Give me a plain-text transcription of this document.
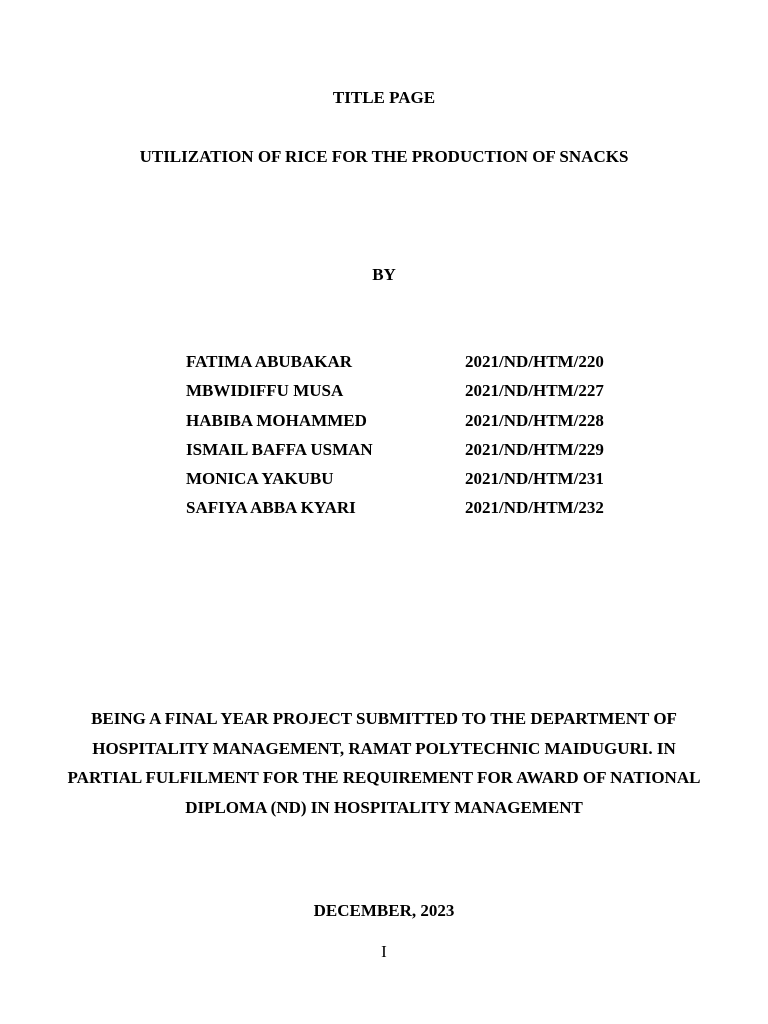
TITLE PAGE
UTILIZATION OF RICE FOR THE PRODUCTION OF SNACKS
BY
FATIMA ABUBAKAR	2021/ND/HTM/220
MBWIDIFFU MUSA	2021/ND/HTM/227
HABIBA MOHAMMED	2021/ND/HTM/228
ISMAIL BAFFA USMAN	2021/ND/HTM/229
MONICA YAKUBU	2021/ND/HTM/231
SAFIYA ABBA KYARI	2021/ND/HTM/232
BEING A FINAL YEAR PROJECT SUBMITTED TO THE DEPARTMENT OF HOSPITALITY MANAGEMENT, RAMAT POLYTECHNIC MAIDUGURI. IN PARTIAL FULFILMENT FOR THE REQUIREMENT FOR AWARD OF NATIONAL DIPLOMA (ND) IN HOSPITALITY MANAGEMENT
DECEMBER, 2023
I
